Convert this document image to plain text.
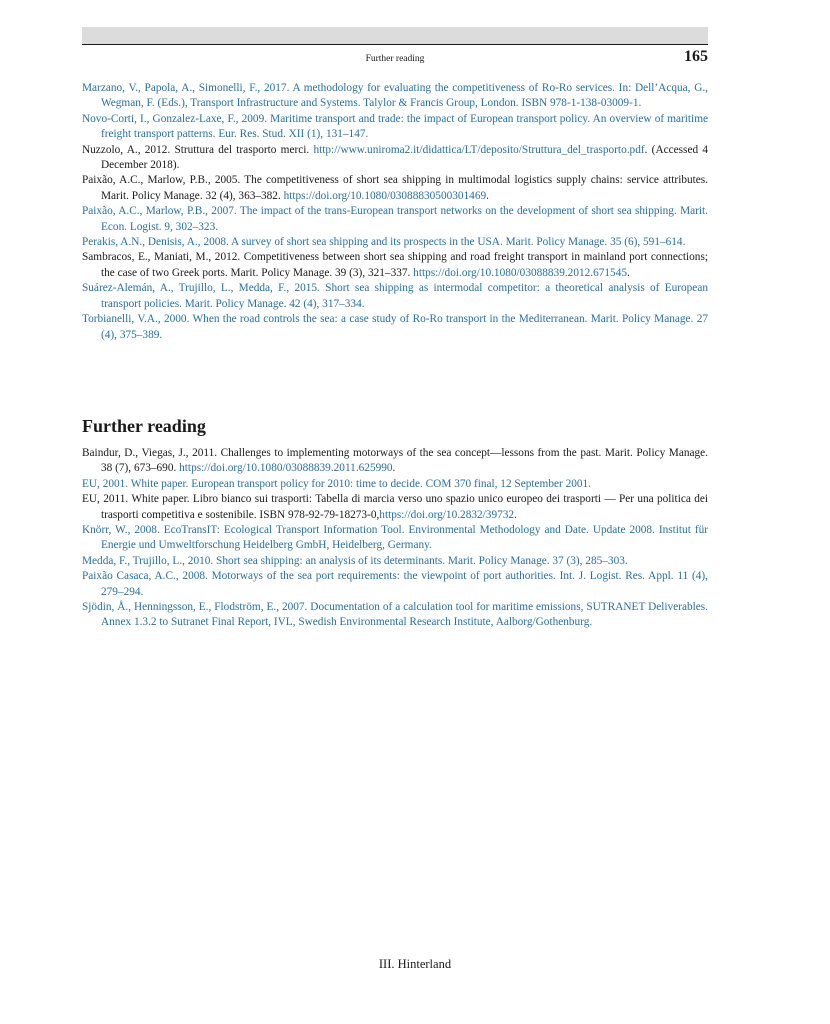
Further reading	165

Marzano, V., Papola, A., Simonelli, F., 2017. A methodology for evaluating the competitiveness of Ro-Ro services. In: Dell’Acqua, G., Wegman, F. (Eds.), Transport Infrastructure and Systems. Talylor & Francis Group, London. ISBN 978-1-138-03009-1.

Novo-Corti, I., Gonzalez-Laxe, F., 2009. Maritime transport and trade: the impact of European transport policy. An overview of maritime freight transport patterns. Eur. Res. Stud. XII (1), 131–147.

Nuzzolo, A., 2012. Struttura del trasporto merci. http://www.uniroma2.it/didattica/LT/deposito/Struttura_del_trasporto.pdf. (Accessed 4 December 2018).

Paixão, A.C., Marlow, P.B., 2005. The competitiveness of short sea shipping in multimodal logistics supply chains: service attributes. Marit. Policy Manage. 32 (4), 363–382. https://doi.org/10.1080/03088830500301469.

Paixão, A.C., Marlow, P.B., 2007. The impact of the trans-European transport networks on the development of short sea shipping. Marit. Econ. Logist. 9, 302–323.

Perakis, A.N., Denisis, A., 2008. A survey of short sea shipping and its prospects in the USA. Marit. Policy Manage. 35 (6), 591–614.

Sambracos, E., Maniati, M., 2012. Competitiveness between short sea shipping and road freight transport in mainland port connections; the case of two Greek ports. Marit. Policy Manage. 39 (3), 321–337. https://doi.org/10.1080/03088839.2012.671545.

Suárez-Alemán, A., Trujillo, L., Medda, F., 2015. Short sea shipping as intermodal competitor: a theoretical analysis of European transport policies. Marit. Policy Manage. 42 (4), 317–334.

Torbianelli, V.A., 2000. When the road controls the sea: a case study of Ro-Ro transport in the Mediterranean. Marit. Policy Manage. 27 (4), 375–389.

Further reading

Baindur, D., Viegas, J., 2011. Challenges to implementing motorways of the sea concept—lessons from the past. Marit. Policy Manage. 38 (7), 673–690. https://doi.org/10.1080/03088839.2011.625990.

EU, 2001. White paper. European transport policy for 2010: time to decide. COM 370 final, 12 September 2001.

EU, 2011. White paper. Libro bianco sui trasporti: Tabella di marcia verso uno spazio unico europeo dei trasporti — Per una politica dei trasporti competitiva e sostenibile. ISBN 978-92-79-18273-0,https://doi.org/10.2832/39732.

Knörr, W., 2008. EcoTransIT: Ecological Transport Information Tool. Environmental Methodology and Date. Update 2008. Institut für Energie und Umweltforschung Heidelberg GmbH, Heidelberg, Germany.

Medda, F., Trujillo, L., 2010. Short sea shipping: an analysis of its determinants. Marit. Policy Manage. 37 (3), 285–303.

Paixão Casaca, A.C., 2008. Motorways of the sea port requirements: the viewpoint of port authorities. Int. J. Logist. Res. Appl. 11 (4), 279–294.

Sjödin, Å., Henningsson, E., Flodström, E., 2007. Documentation of a calculation tool for maritime emissions, SUTRANET Deliverables. Annex 1.3.2 to Sutranet Final Report, IVL, Swedish Environmental Research Institute, Aalborg/Gothenburg.

III. Hinterland
